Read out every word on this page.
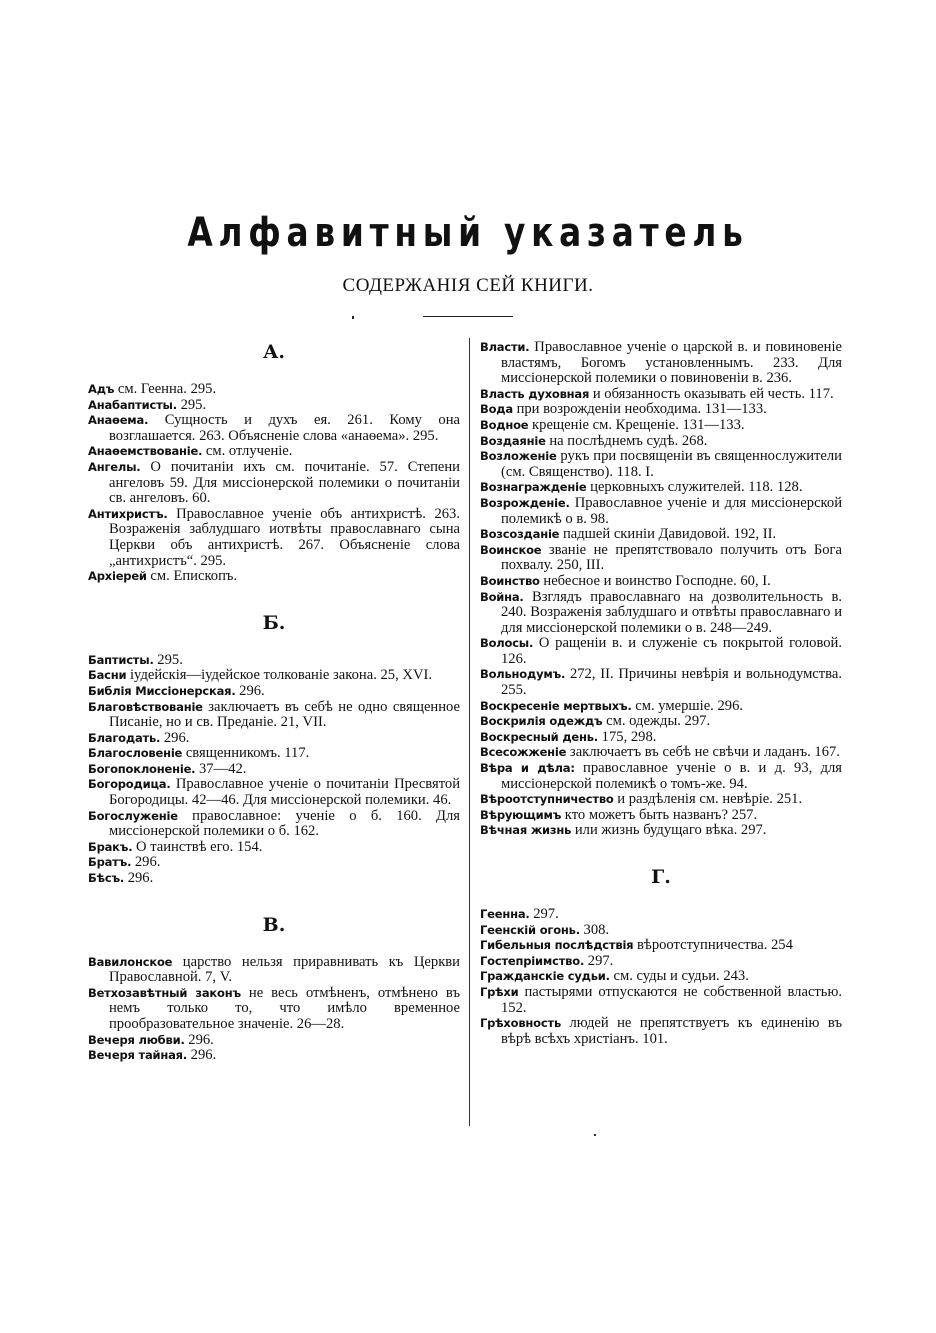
Алфавитный указатель
СОДЕРЖАНІЯ СЕЙ КНИГИ.
А.

Адъ см. Геенна. 295.

Анабаптисты. 295.

Анаѳема. Сущность и духъ ея. 261. Кому она возглашается. 263. Объясненіе слова «анаѳема». 295.

Анаѳемствованіе. см. отлученіе.

Ангелы. О почитаніи ихъ см. почитаніе. 57. Степени ангеловъ 59. Для миссіонерской полемики о почитаніи св. ангеловъ. 60.

Антихристъ. Православное ученіе объ антихристѣ. 263. Возраженія заблудшаго иотвѣты православнаго сына Церкви объ антихристѣ. 267. Объясненіе слова „антихристъ“. 295.

Архіерей см. Епископъ.

Б.

Баптисты. 295.

Басни іудейскія—іудейское толкованіе закона. 25, XVI.

Библія Миссіонерская. 296.

Благовѣствованіе заключаетъ въ себѣ не одно священное Писаніе, но и св. Преданіе. 21, VII.

Благодать. 296.

Благословеніе священникомъ. 117.

Богопоклоненіе. 37—42.

Богородица. Православное ученіе о почитаніи Пресвятой Богородицы. 42—46. Для миссіонерской полемики. 46.

Богослуженіе православное: ученіе о б. 160. Для миссіонерской полемики о б. 162.

Бракъ. О таинствѣ его. 154.

Братъ. 296.

Бѣсъ. 296.

В.

Вавилонское царство нельзя приравнивать къ Церкви Православной. 7, V.

Ветхозавѣтный законъ не весь отмѣненъ, отмѣнено въ немъ только то, что имѣло временное прообразовательное значеніе. 26—28.

Вечеря любви. 296.

Вечеря тайная. 296.

Власти. Православное ученіе о царской в. и повиновеніе властямъ, Богомъ установленнымъ. 233. Для миссіонерской полемики о повиновеніи в. 236.

Власть духовная и обязанность оказывать ей честь. 117.

Вода при возрожденіи необходима. 131—133.

Водное крещеніе см. Крещеніе. 131—133.

Воздаяніе на послѣднемъ судѣ. 268.

Возложеніе рукъ при посвященіи въ священнослужители (см. Священство). 118. I.

Вознагражденіе церковныхъ служителей. 118. 128.

Возрожденіе. Православное ученіе и для миссіонерской полемикѣ о в. 98.

Возсозданіе падшей скиніи Давидовой. 192, II.

Воинское званіе не препятствовало получить отъ Бога похвалу. 250, III.

Воинство небесное и воинство Господне. 60, I.

Война. Взглядъ православнаго на дозволительность в. 240. Возраженія заблудшаго и отвѣты православнаго и для миссіонерской полемики о в. 248—249.

Волосы. О ращеніи в. и служеніе съ покрытой головой. 126.

Вольнодумъ. 272, II. Причины невѣрія и вольнодумства. 255.

Воскресеніе мертвыхъ. см. умершіе. 296.

Воскрилія одеждъ см. одежды. 297.

Воскресный день. 175, 298.

Всесожженіе заключаетъ въ себѣ не свѣчи и ладанъ. 167.

Вѣра и дѣла: православное ученіе о в. и д. 93, для миссіонерской полемикѣ о томъ-же. 94.

Вѣроотступничество и раздѣленія см. невѣріе. 251.

Вѣрующимъ кто можетъ быть названъ? 257.

Вѣчная жизнь или жизнь будущаго вѣка. 297.

Г.

Геенна. 297.

Геенскій огонь. 308.

Гибельныя послѣдствія вѣроотступничества. 254

Гостепріимство. 297.

Гражданскіе судьи. см. суды и судьи. 243.

Грѣхи пастырями отпускаются не собственной властью. 152.

Грѣховность людей не препятствуетъ къ единенію въ вѣрѣ всѣхъ христіанъ. 101.
